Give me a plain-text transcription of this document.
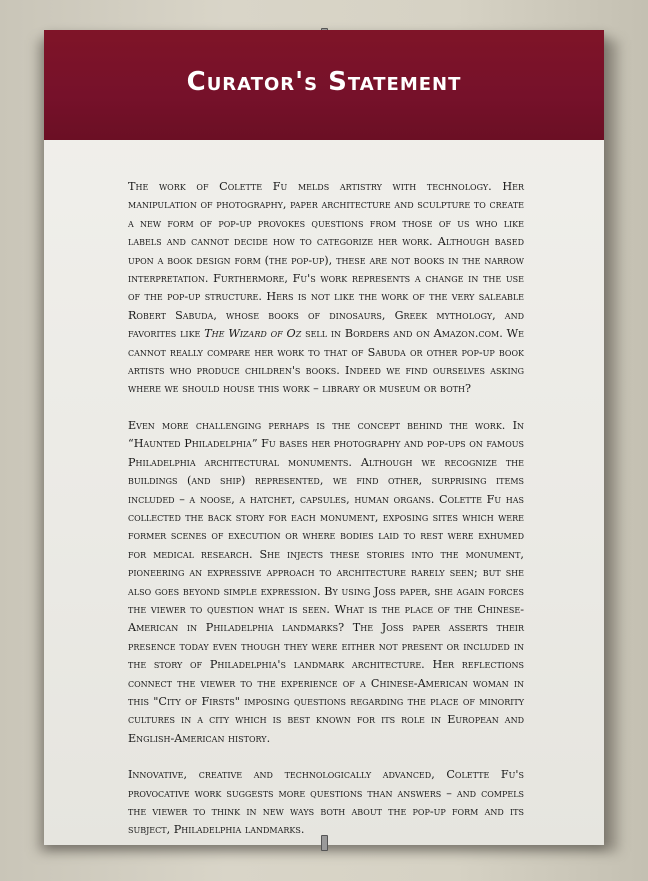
Curator's Statement

The work of Colette Fu melds artistry with technology. Her manipulation of photography, paper architecture and sculpture to create a new form of pop-up provokes questions from those of us who like labels and cannot decide how to categorize her work. Although based upon a book design form (the pop-up), these are not books in the narrow interpretation. Furthermore, Fu's work represents a change in the use of the pop-up structure. Hers is not like the work of the very saleable Robert Sabuda, whose books of dinosaurs, Greek mythology, and favorites like The Wizard of Oz sell in Borders and on Amazon.com. We cannot really compare her work to that of Sabuda or other pop-up book artists who produce children's books. Indeed we find ourselves asking where we should house this work – library or museum or both?

Even more challenging perhaps is the concept behind the work. In “Haunted Philadelphia” Fu bases her photography and pop-ups on famous Philadelphia architectural monuments. Although we recognize the buildings (and ship) represented, we find other, surprising items included – a noose, a hatchet, capsules, human organs. Colette Fu has collected the back story for each monument, exposing sites which were former scenes of execution or where bodies laid to rest were exhumed for medical research. She injects these stories into the monument, pioneering an expressive approach to architecture rarely seen; but she also goes beyond simple expression. By using Joss paper, she again forces the viewer to question what is seen. What is the place of the Chinese-American in Philadelphia landmarks? The Joss paper asserts their presence today even though they were either not present or included in the story of Philadelphia's landmark architecture. Her reflections connect the viewer to the experience of a Chinese-American woman in this "City of Firsts" imposing questions regarding the place of minority cultures in a city which is best known for its role in European and English-American history.

Innovative, creative and technologically advanced, Colette Fu's provocative work suggests more questions than answers – and compels the viewer to think in new ways both about the pop-up form and its subject, Philadelphia landmarks.
